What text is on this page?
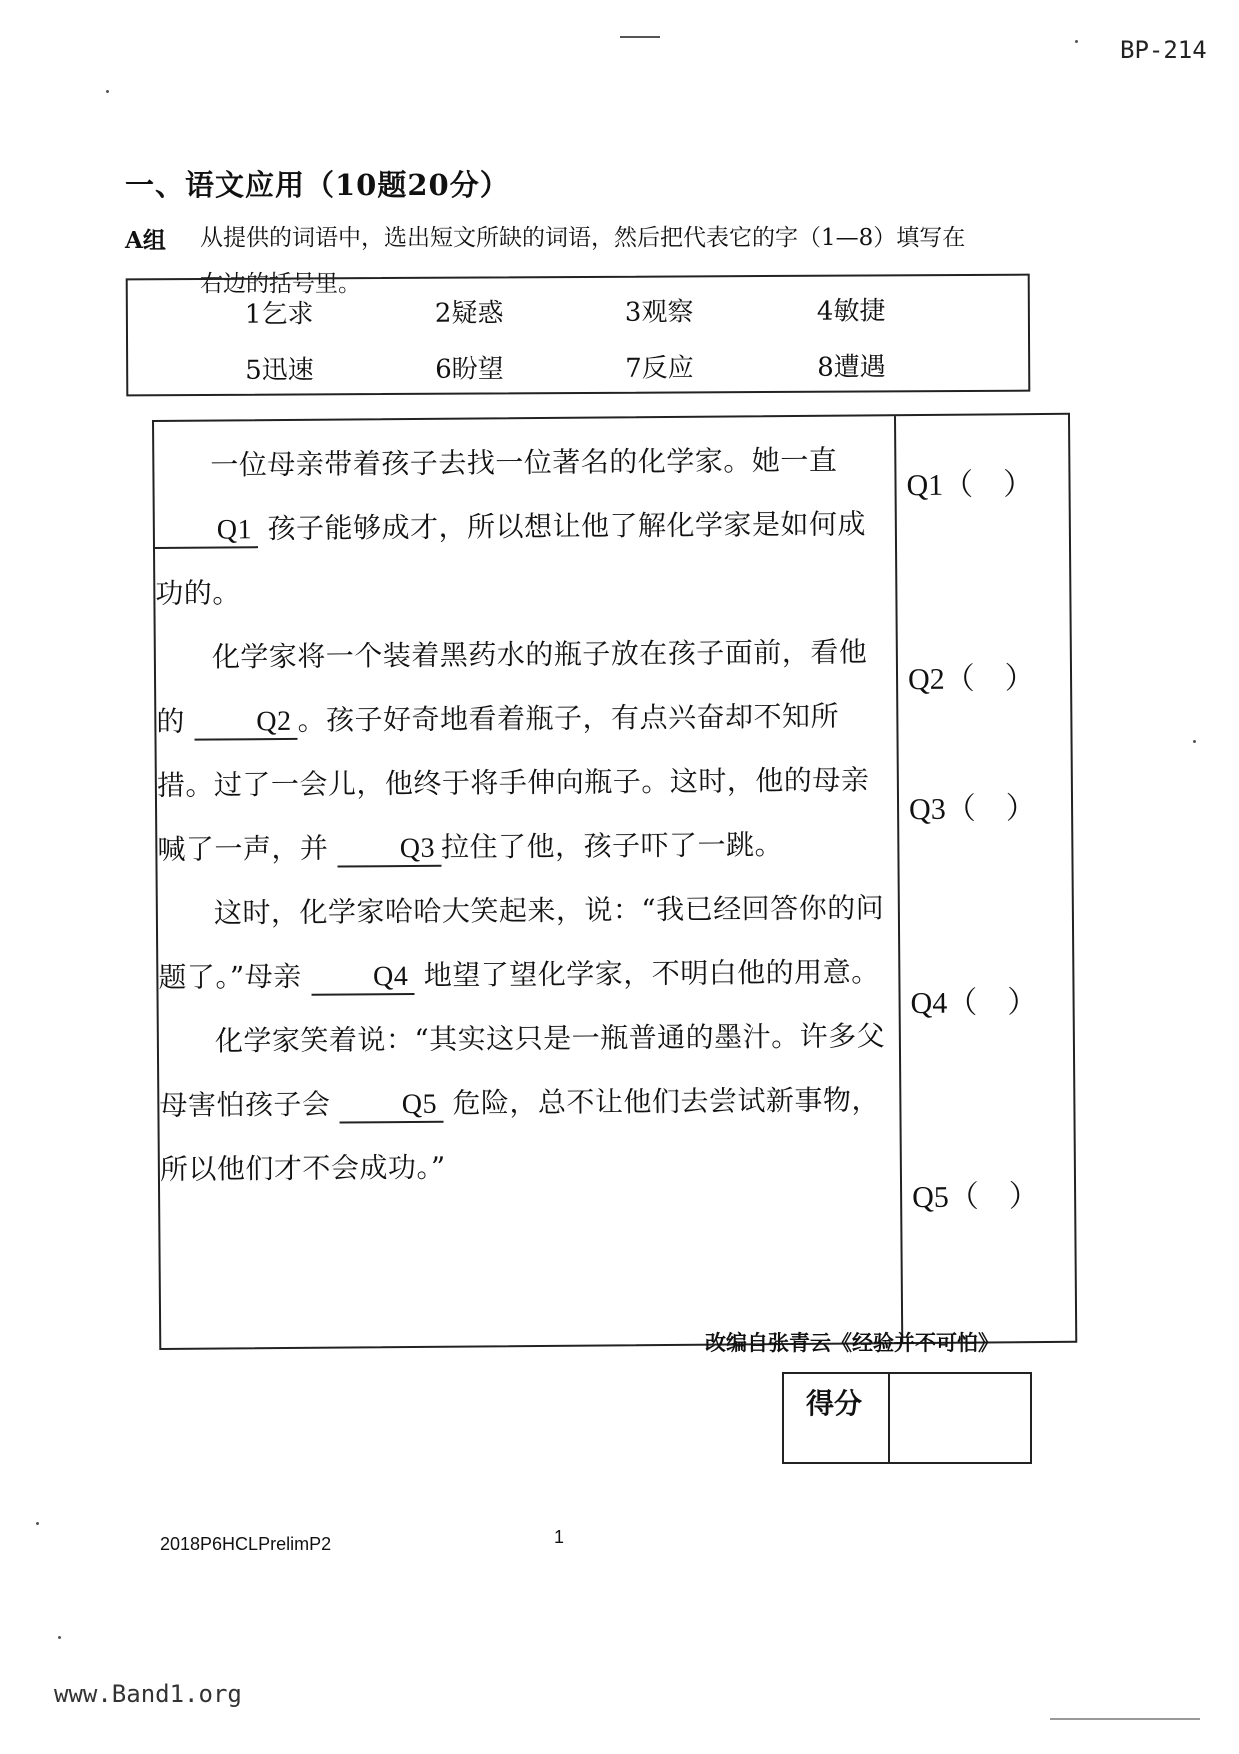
BP-214
一、语文应用（10题20分）
A组 从提供的词语中，选出短文所缺的词语，然后把代表它的字（1—8）填写在右边的括号里。
1乞求	2疑惑	3观察	4敏捷
5迅速	6盼望	7反应	8遭遇

一位母亲带着孩子去找一位著名的化学家。她一直 Q1 孩子能够成才，所以想让他了解化学家是如何成功的。

化学家将一个装着黑药水的瓶子放在孩子面前，看他的	Q2 。孩子好奇地看着瓶子，有点兴奋却不知所措。过了一会儿，他终于将手伸向瓶子。这时，他的母亲喊了一声，并	Q3 拉住了他，孩子吓了一跳。

这时，化学家哈哈大笑起来，说：“我已经回答你的问题了。”母亲	Q4 地望了望化学家，不明白他的用意。

化学家笑着说：“其实这只是一瓶普通的墨汁。许多父母害怕孩子会	Q5 危险，总不让他们去尝试新事物，所以他们才不会成功。”

Q1（    ）
Q2（    ）
Q3（    ）
Q4（    ）
Q5（    ）
改编自张青云《经验并不可怕》
得分
2018P6HCLPrelimP2	1
www.Band1.org
